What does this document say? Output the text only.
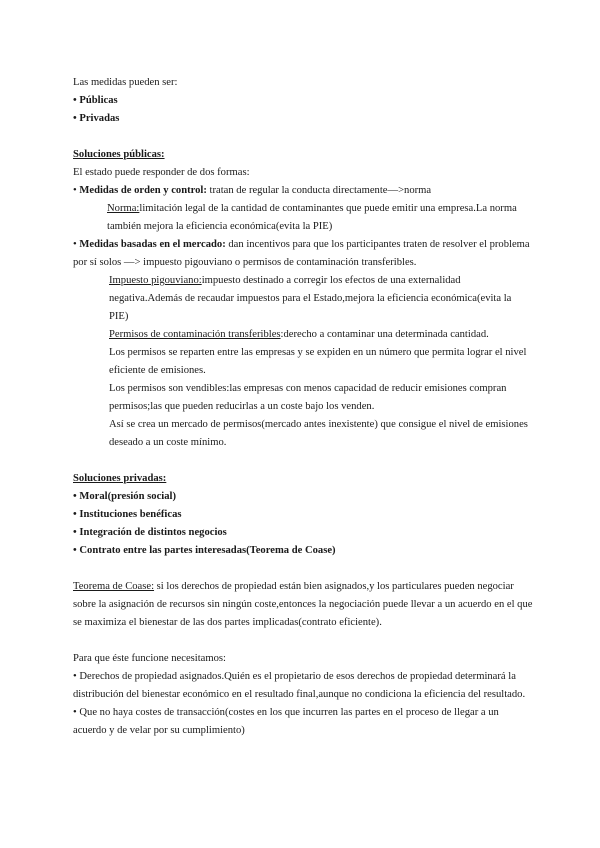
Las medidas pueden ser:

• Públicas

• Privadas

Soluciones públicas:

El estado puede responder de dos formas:

• Medidas de orden y control: tratan de regular la conducta directamente—>norma

Norma:limitación legal de la cantidad de contaminantes que puede emitir una empresa.La norma también mejora la eficiencia económica(evita la PIE)

• Medidas basadas en el mercado: dan incentivos para que los participantes traten de resolver el problema por sí solos —> impuesto pigouviano o permisos de contaminación transferibles.

Impuesto pigouviano:impuesto destinado a corregir los efectos de una externalidad negativa.Además de recaudar impuestos para el Estado,mejora la eficiencia económica(evita la PIE)

Permisos de contaminación transferibles:derecho a contaminar una determinada cantidad.

Los permisos se reparten entre las empresas y se expiden en un número que permita lograr el nivel eficiente de emisiones.

Los permisos son vendibles:las empresas con menos capacidad de reducir emisiones compran permisos;las que pueden reducirlas a un coste bajo los venden.

Así se crea un mercado de permisos(mercado antes inexistente) que consigue el nivel de emisiones deseado a un coste mínimo.

Soluciones privadas:

• Moral(presión social)

• Instituciones benéficas

• Integración de distintos negocios

• Contrato entre las partes interesadas(Teorema de Coase)

Teorema de Coase: si los derechos de propiedad están bien asignados,y los particulares pueden negociar sobre la asignación de recursos sin ningún coste,entonces la negociación puede llevar a un acuerdo en el que se maximiza el bienestar de las dos partes implicadas(contrato eficiente).

Para que éste funcione necesitamos:

• Derechos de propiedad asignados.Quién es el propietario de esos derechos de propiedad determinará la distribución del bienestar económico en el resultado final,aunque no condiciona la eficiencia del resultado.

• Que no haya costes de transacción(costes en los que incurren las partes en el proceso de llegar a un acuerdo y de velar por su cumplimiento)
